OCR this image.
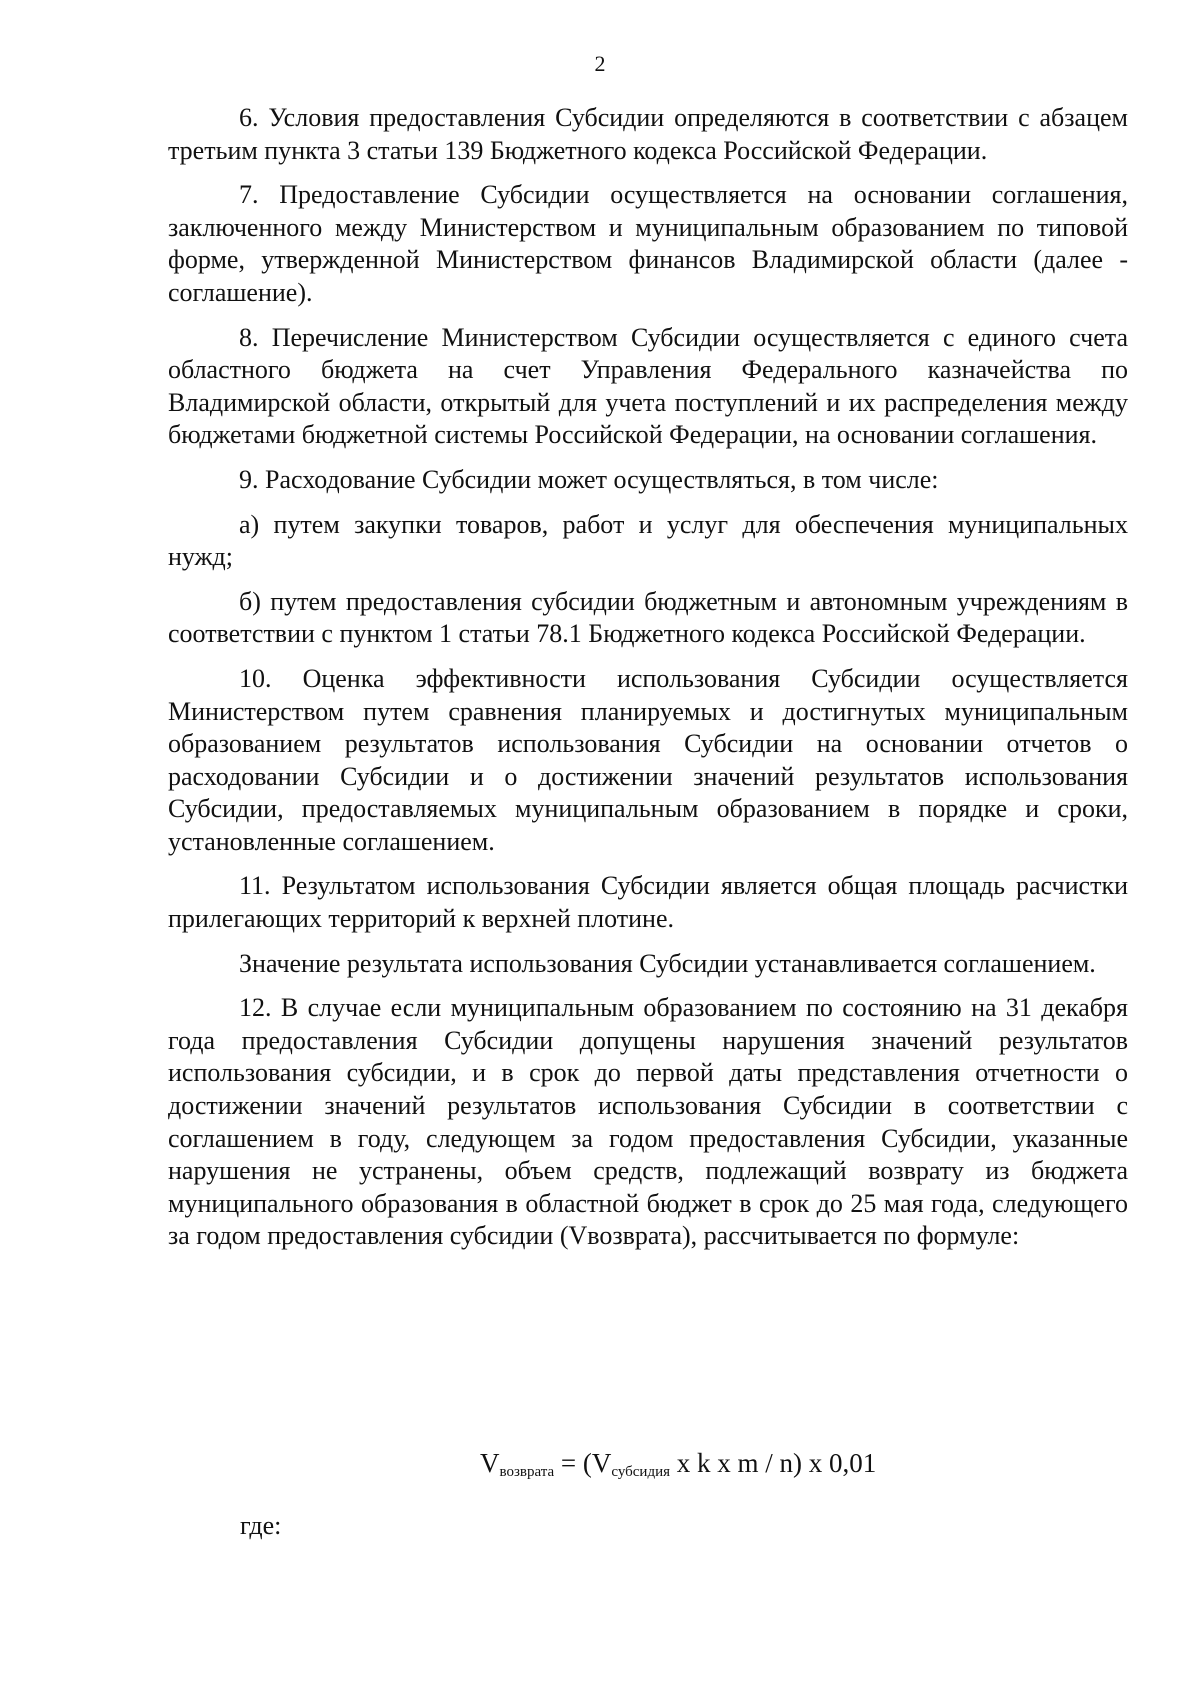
2

6. Условия предоставления Субсидии определяются в соответствии с абзацем третьим пункта 3 статьи 139 Бюджетного кодекса Российской Федерации.

7. Предоставление Субсидии осуществляется на основании соглашения, заключенного между Министерством и муниципальным образованием по типовой форме, утвержденной Министерством финансов Владимирской области (далее - соглашение).

8. Перечисление Министерством Субсидии осуществляется с единого счета областного бюджета на счет Управления Федерального казначейства по Владимирской области, открытый для учета поступлений и их распределения между бюджетами бюджетной системы Российской Федерации, на основании соглашения.

9. Расходование Субсидии может осуществляться, в том числе:

а) путем закупки товаров, работ и услуг для обеспечения муниципальных нужд;

б) путем предоставления субсидии бюджетным и автономным учреждениям в соответствии с пунктом 1 статьи 78.1 Бюджетного кодекса Российской Федерации.

10. Оценка эффективности использования Субсидии осуществляется Министерством путем сравнения планируемых и достигнутых муниципальным образованием результатов использования Субсидии на основании отчетов о расходовании Субсидии и о достижении значений результатов использования Субсидии, предоставляемых муниципальным образованием в порядке и сроки, установленные соглашением.

11. Результатом использования Субсидии является общая площадь расчистки прилегающих территорий к верхней плотине.

Значение результата использования Субсидии устанавливается соглашением.

12. В случае если муниципальным образованием по состоянию на 31 декабря года предоставления Субсидии допущены нарушения значений результатов использования субсидии, и в срок до первой даты представления отчетности о достижении значений результатов использования Субсидии в соответствии с соглашением в году, следующем за годом предоставления Субсидии, указанные нарушения не устранены, объем средств, подлежащий возврату из бюджета муниципального образования в областной бюджет в срок до 25 мая года, следующего за годом предоставления субсидии (Vвозврата), рассчитывается по формуле:

$V_{возврата} = (V_{субсидия}$ x k x m / n) x 0,01
где:
